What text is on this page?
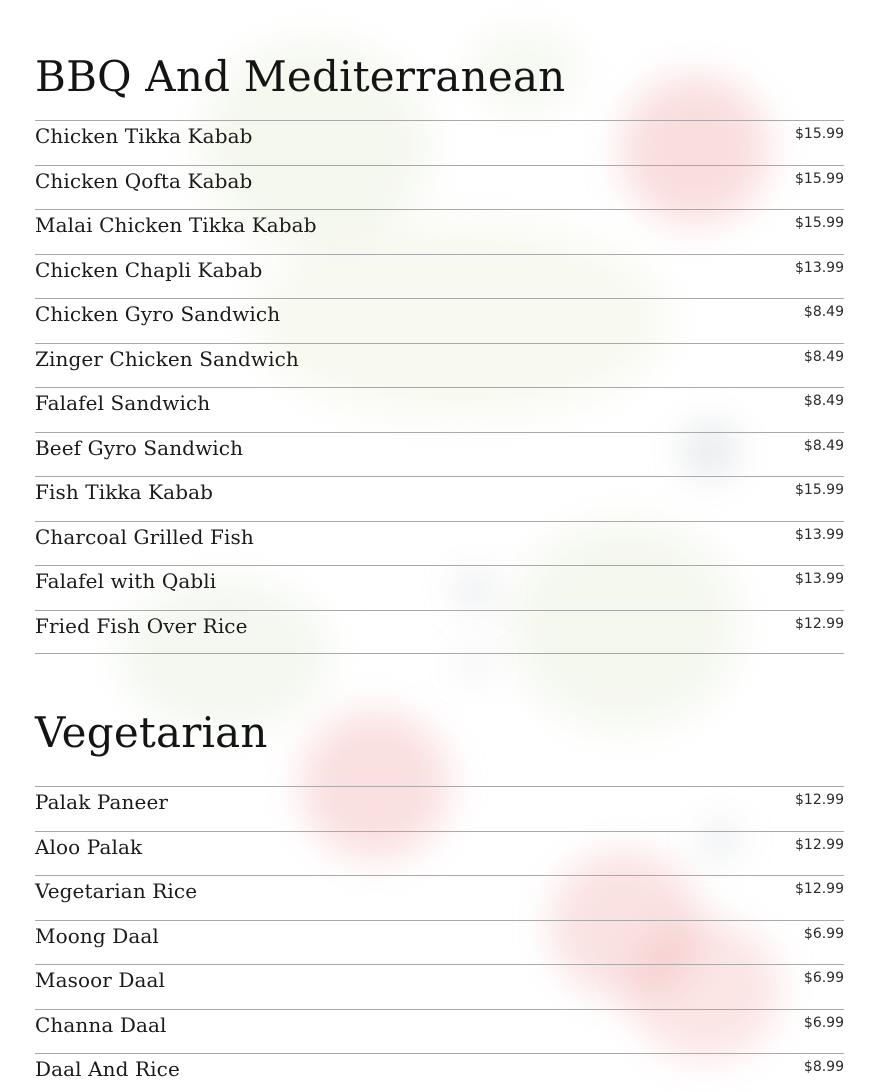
BBQ And Mediterranean
Chicken Tikka Kabab	$15.99
Chicken Qofta Kabab	$15.99
Malai Chicken Tikka Kabab	$15.99
Chicken Chapli Kabab	$13.99
Chicken Gyro Sandwich	$8.49
Zinger Chicken Sandwich	$8.49
Falafel Sandwich	$8.49
Beef Gyro Sandwich	$8.49
Fish Tikka Kabab	$15.99
Charcoal Grilled Fish	$13.99
Falafel with Qabli	$13.99
Fried Fish Over Rice	$12.99
Vegetarian
Palak Paneer	$12.99
Aloo Palak	$12.99
Vegetarian Rice	$12.99
Moong Daal	$6.99
Masoor Daal	$6.99
Channa Daal	$6.99
Daal And Rice	$8.99
